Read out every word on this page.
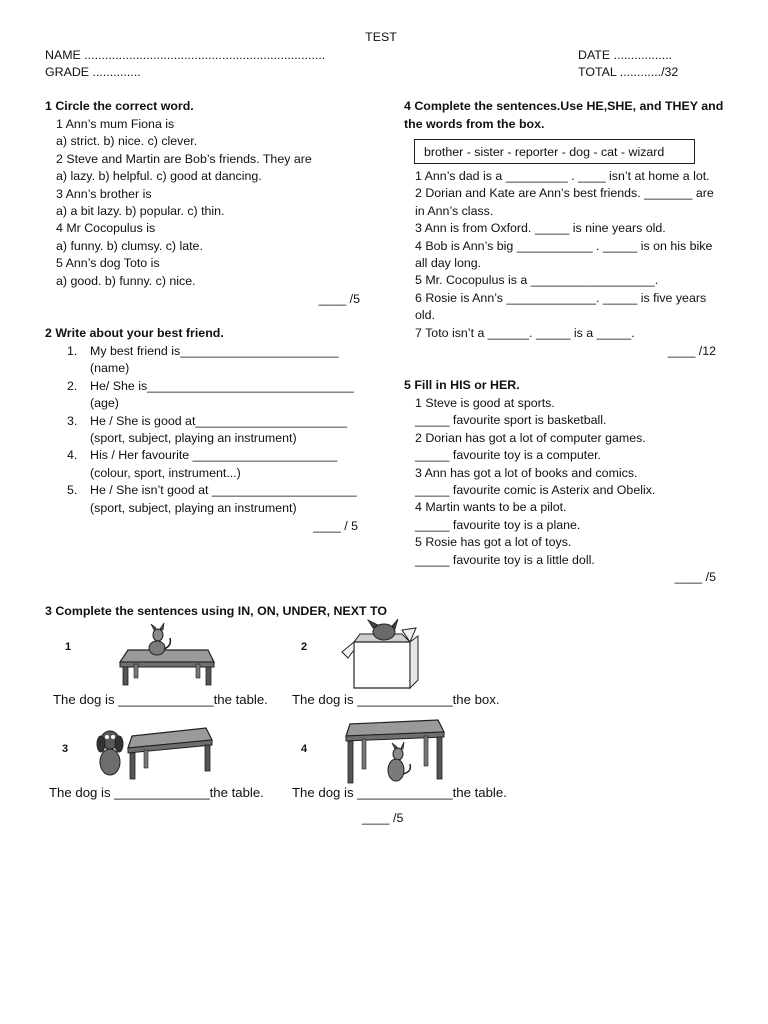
TEST
NAME ......................................................................	DATE .................
GRADE ..............	TOTAL ............/32
1 Circle the correct word.
1 Ann’s mum Fiona is
a) strict. b) nice. c) clever.
2 Steve and Martin are Bob’s friends. They are
a) lazy. b) helpful. c) good at dancing.
3 Ann’s brother is
a) a bit lazy. b) popular. c) thin.
4 Mr Cocopulus is
a) funny. b) clumsy. c) late.
5 Ann’s dog Toto is
a) good. b) funny. c) nice.
____ /5
2 Write about your best friend.
1. My best friend is_______________________
(name)
2. He/ She is______________________________
(age)
3. He / She is good at______________________
(sport, subject, playing an instrument)
4. His / Her favourite _____________________
(colour, sport, instrument...)
5. He / She isn’t good at _____________________
(sport, subject, playing an instrument)
____ / 5
3 Complete the sentences using IN, ON, UNDER, NEXT TO
1
The dog is _____________the table.
2
The dog is _____________the box.
3
The dog is _____________the table.
4
The dog is _____________the table.
____ /5
4 Complete the sentences.Use HE,SHE, and THEY and
the words from the box.
brother - sister - reporter - dog - cat - wizard
1 Ann’s dad is a _________ . ____ isn’t at home a lot.
2 Dorian and Kate are Ann’s best friends. _______ are
in Ann’s class.
3 Ann is from Oxford. _____ is nine years old.
4 Bob is Ann’s big ___________ . _____ is on his bike
all day long.
5 Mr. Cocopulus is a __________________.
6 Rosie is Ann’s _____________. _____ is five years
old.
7 Toto isn’t a ______. _____ is a _____.
____ /12
5 Fill in HIS or HER.
1 Steve is good at sports.
_____ favourite sport is basketball.
2 Dorian has got a lot of computer games.
_____ favourite toy is a computer.
3 Ann has got a lot of books and comics.
_____ favourite comic is Asterix and Obelix.
4 Martin wants to be a pilot.
_____ favourite toy is a plane.
5 Rosie has got a lot of toys.
_____ favourite toy is a little doll.
____ /5
